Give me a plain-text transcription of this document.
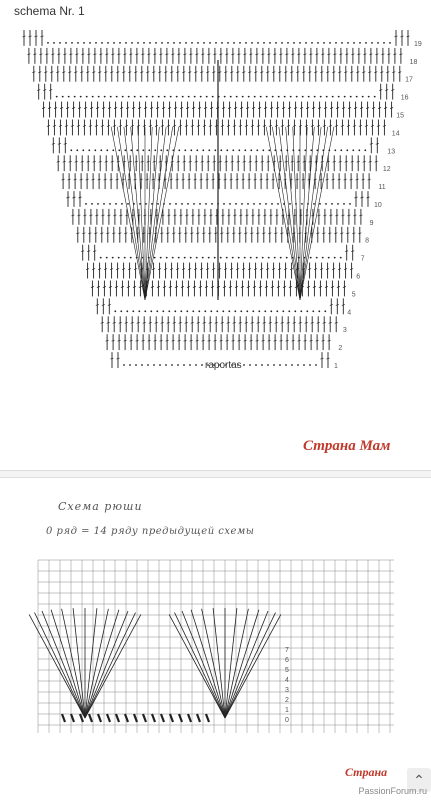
1
2
3
4
5
6
7
8
9
10
11
12
13
14
15
16
17
18
19
schema Nr. 1
raportas
Страна Мам
0
1
2
3
4
5
6
7
Схема рюши
0 ряд = 14 ряду предыдущей схемы
Страна	⌃
PassionForum.ru
